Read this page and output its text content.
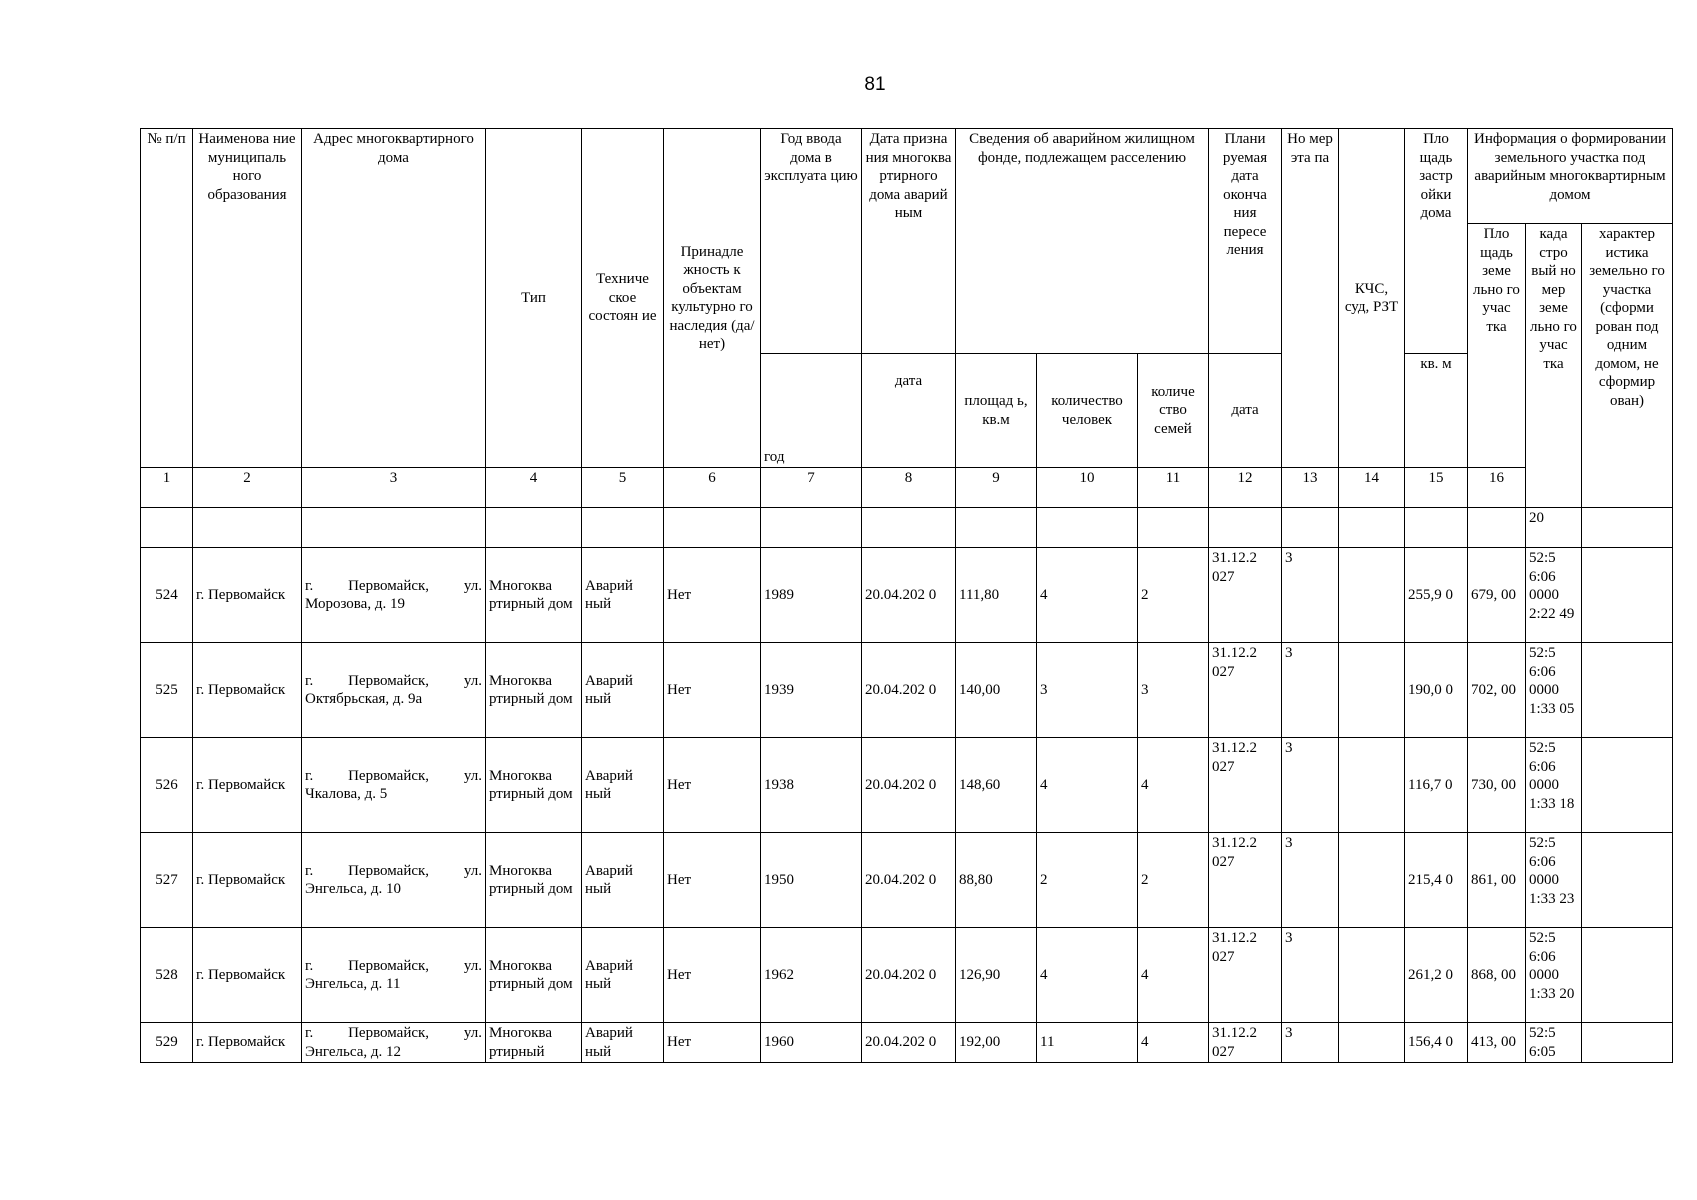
81
№ п/п	Наименова ние муниципаль ного образования	Адрес многоквартирного дома	Тип	Техниче ское состоян ие	Принадле жность к объектам культурно го наследия (да/нет)	Год ввода дома в эксплуата цию	Дата призна ния многоква ртирного дома аварий ным	Сведения об аварийном жилищном фонде, подлежащем расселению			Плани руемая дата оконча ния пересе ления	Но мер эта па	КЧС, суд, РЗТ	Пло щадь застр ойки дома	Информация о формировании земельного участка под аварийным многоквартирным домом			
															Пло щадь земе льно го учас тка	када стро вый но мер земе льно го учас тка	характер истика земельно го участка (сформи рован под одним домом, не сформир ован)	
						год	дата	площад ь, кв.м	количество человек	количе ство семей	дата			кв. м	
1	2	3	4	5	6	7	8	9	10	11	12	13	14	15	16		
																20		
524	г. Первомайск	г. Первомайск, ул.
Морозова, д. 19	Многоква ртирный дом	Аварий ный	Нет	1989	20.04.202 0	111,80	4	2	31.12.2 027	3		255,9 0	679, 00	52:5 6:06 0000 2:22 49		
525	г. Первомайск	г. Первомайск, ул.
Октябрьская, д. 9а	Многоква ртирный дом	Аварий ный	Нет	1939	20.04.202 0	140,00	3	3	31.12.2 027	3		190,0 0	702, 00	52:5 6:06 0000 1:33 05		
526	г. Первомайск	г. Первомайск, ул.
Чкалова, д. 5	Многоква ртирный дом	Аварий ный	Нет	1938	20.04.202 0	148,60	4	4	31.12.2 027	3		116,7 0	730, 00	52:5 6:06 0000 1:33 18		
527	г. Первомайск	г. Первомайск, ул.
Энгельса, д. 10	Многоква ртирный дом	Аварий ный	Нет	1950	20.04.202 0	88,80	2	2	31.12.2 027	3		215,4 0	861, 00	52:5 6:06 0000 1:33 23		
528	г. Первомайск	г. Первомайск, ул.
Энгельса, д. 11	Многоква ртирный дом	Аварий ный	Нет	1962	20.04.202 0	126,90	4	4	31.12.2 027	3		261,2 0	868, 00	52:5 6:06 0000 1:33 20		
529	г. Первомайск	г. Первомайск, ул.
Энгельса, д. 12	Многоква ртирный	Аварий ный	Нет	1960	20.04.202 0	192,00	11	4	31.12.2 027	3		156,4 0	413, 00	52:5 6:05		
